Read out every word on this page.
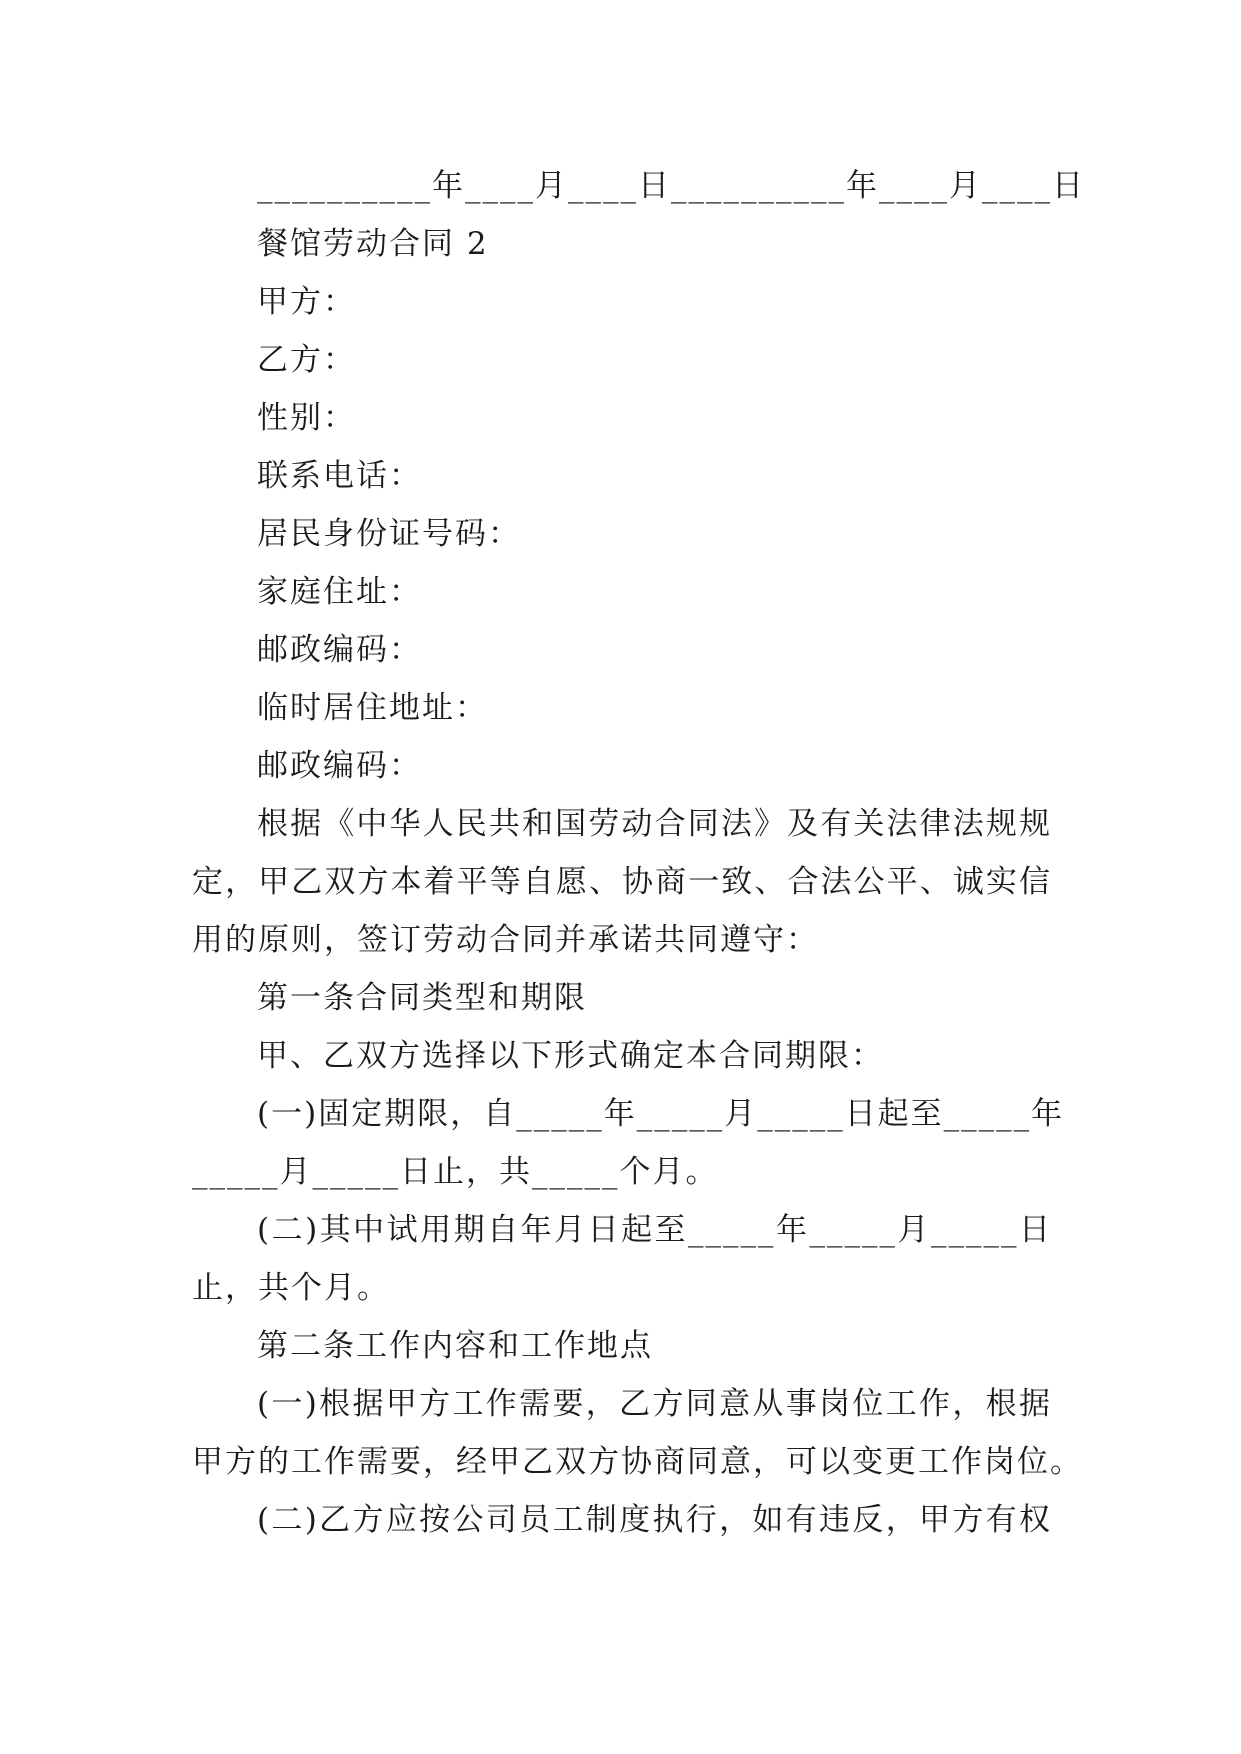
__________年____月____日__________年____月____日
餐馆劳动合同 2
甲方：
乙方：
性别：
联系电话：
居民身份证号码：
家庭住址：
邮政编码：
临时居住地址：
邮政编码：
根据《中华人民共和国劳动合同法》及有关法律法规规
定，甲乙双方本着平等自愿、协商一致、合法公平、诚实信
用的原则，签订劳动合同并承诺共同遵守：
第一条合同类型和期限
甲、乙双方选择以下形式确定本合同期限：
(一)固定期限，自_____年_____月_____日起至_____年
_____月_____日止，共_____个月。
(二)其中试用期自年月日起至_____年_____月_____日
止，共个月。
第二条工作内容和工作地点
(一)根据甲方工作需要，乙方同意从事岗位工作，根据
甲方的工作需要，经甲乙双方协商同意，可以变更工作岗位。
(二)乙方应按公司员工制度执行，如有违反，甲方有权
